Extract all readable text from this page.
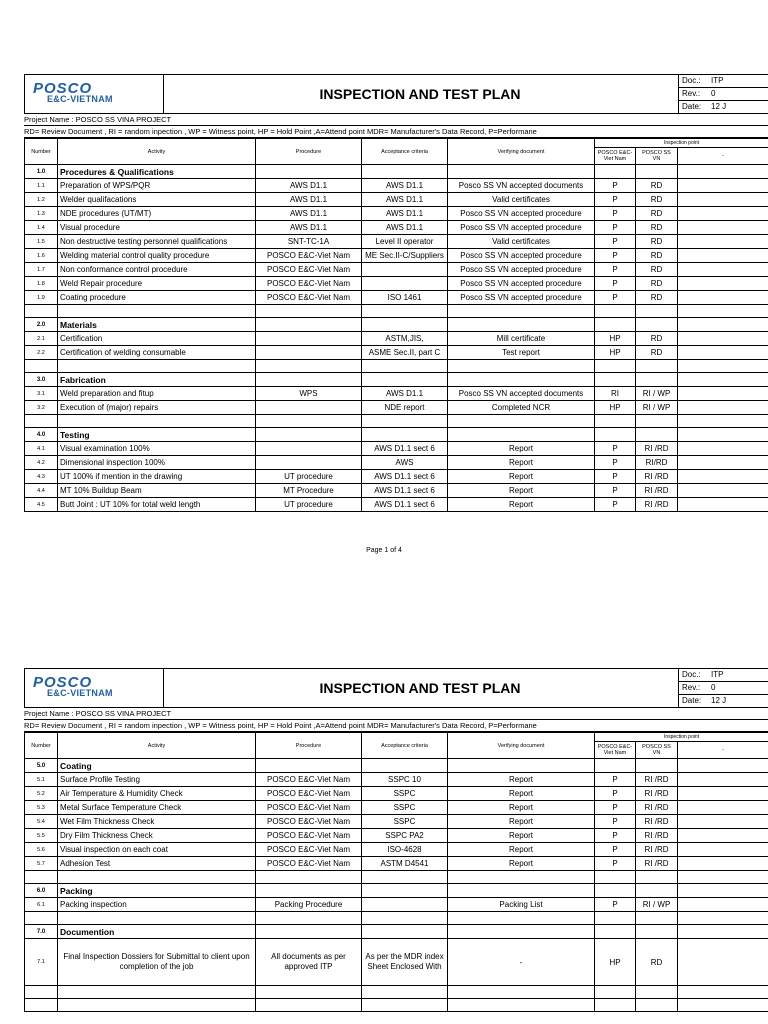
POSCO
E&C-VIETNAM	INSPECTION AND TEST PLAN
Doc.: ITP
Rev.: 0
Date: 12 J
Project Name : POSCO SS VINA PROJECT
RD= Review Document , RI = random inpection , WP = Witness point, HP = Hold Point ,A=Attend point MDR= Manufacturer's Data Record, P=Performane
Number	Activity	Procedure	Acceptance criteria	Verifying document	Inspection point		
					POSCO E&C-Viet Nam	POSCO SS VN	-
1.0	Procedures & Qualifications						
1.1	Preparation of WPS/PQR	AWS D1.1	AWS D1.1	Posco SS VN accepted documents	P	RD	
1.2	Welder qualifacations	AWS D1.1	AWS D1.1	Valid certificates	P	RD	
1.3	NDE procedures (UT/MT)	AWS D1.1	AWS D1.1	Posco SS VN accepted procedure	P	RD	
1.4	Visual procedure	AWS D1.1	AWS D1.1	Posco SS VN accepted procedure	P	RD	
1.5	Non destructive testing personnel qualifications	SNT-TC-1A	Level II operator	Valid certificates	P	RD	
1.6	Welding material control quality procedure	POSCO E&C-Viet Nam	ME Sec.II-C/Suppliers	Posco SS VN accepted procedure	P	RD	
1.7	Non conformance control procedure	POSCO E&C-Viet Nam		Posco SS VN accepted procedure	P	RD	
1.8	Weld Repair procedure	POSCO E&C-Viet Nam		Posco SS VN accepted procedure	P	RD	
1.9	Coating procedure	POSCO E&C-Viet Nam	ISO 1461	Posco SS VN accepted procedure	P	RD	

2.0	Materials						
2.1	Certification		ASTM,JIS,	Mill certificate	HP	RD	
2.2	Certification of welding consumable		ASME Sec.II, part C	Test report	HP	RD	

3.0	Fabrication						
3.1	Weld preparation and fitup	WPS	AWS D1.1	Posco SS VN accepted documents	RI	RI / WP	
3.2	Execution of (major) repairs		NDE report	Completed NCR	HP	RI / WP	

4.0	Testing						
4.1	Visual examination 100%		AWS D1.1 sect 6	Report	P	RI /RD	
4.2	Dimensional inspection 100%		AWS	Report	P	RI/RD	
4.3	UT 100% if mention in the drawing	UT procedure	AWS D1.1 sect 6	Report	P	RI /RD	
4.4	MT 10% Buildup Beam	MT Procedure	AWS D1.1 sect 6	Report	P	RI /RD	
4.5	Butt Joint : UT 10% for total weld length	UT procedure	AWS D1.1 sect 6	Report	P	RI /RD	
Page 1 of 4
POSCO
E&C-VIETNAM	INSPECTION AND TEST PLAN
Doc.: ITP
Rev.: 0
Date: 12 J
Project Name : POSCO SS VINA PROJECT
RD= Review Document , RI = random inpection , WP = Witness point, HP = Hold Point ,A=Attend point MDR= Manufacturer's Data Record, P=Performane
Number	Activity	Procedure	Acceptance criteria	Verifying document	Inspection point		
					POSCO E&C-Viet Nam	POSCO SS VN	-
5.0	Coating						
5.1	Surface Profile Testing	POSCO E&C-Viet Nam	SSPC 10	Report	P	RI /RD	
5.2	Air Temperature & Humidity Check	POSCO E&C-Viet Nam	SSPC	Report	P	RI /RD	
5.3	Metal Surface Temperature Check	POSCO E&C-Viet Nam	SSPC	Report	P	RI /RD	
5.4	Wet Film Thickness Check	POSCO E&C-Viet Nam	SSPC	Report	P	RI /RD	
5.5	Dry Film Thickness Check	POSCO E&C-Viet Nam	SSPC PA2	Report	P	RI /RD	
5.6	Visual inspection on each coat	POSCO E&C-Viet Nam	ISO-4628	Report	P	RI /RD	
5.7	Adhesion Test	POSCO E&C-Viet Nam	ASTM D4541	Report	P	RI /RD	

6.0	Packing						
6.1	Packing inspection	Packing Procedure		Packing List	P	RI / WP	

7.0	Documention						
7.1	Final Inspection Dossiers for Submittal to client upon completion of the job	All documents as per approved ITP	As per the MDR index Sheet Enclosed With	-	HP	RD	
